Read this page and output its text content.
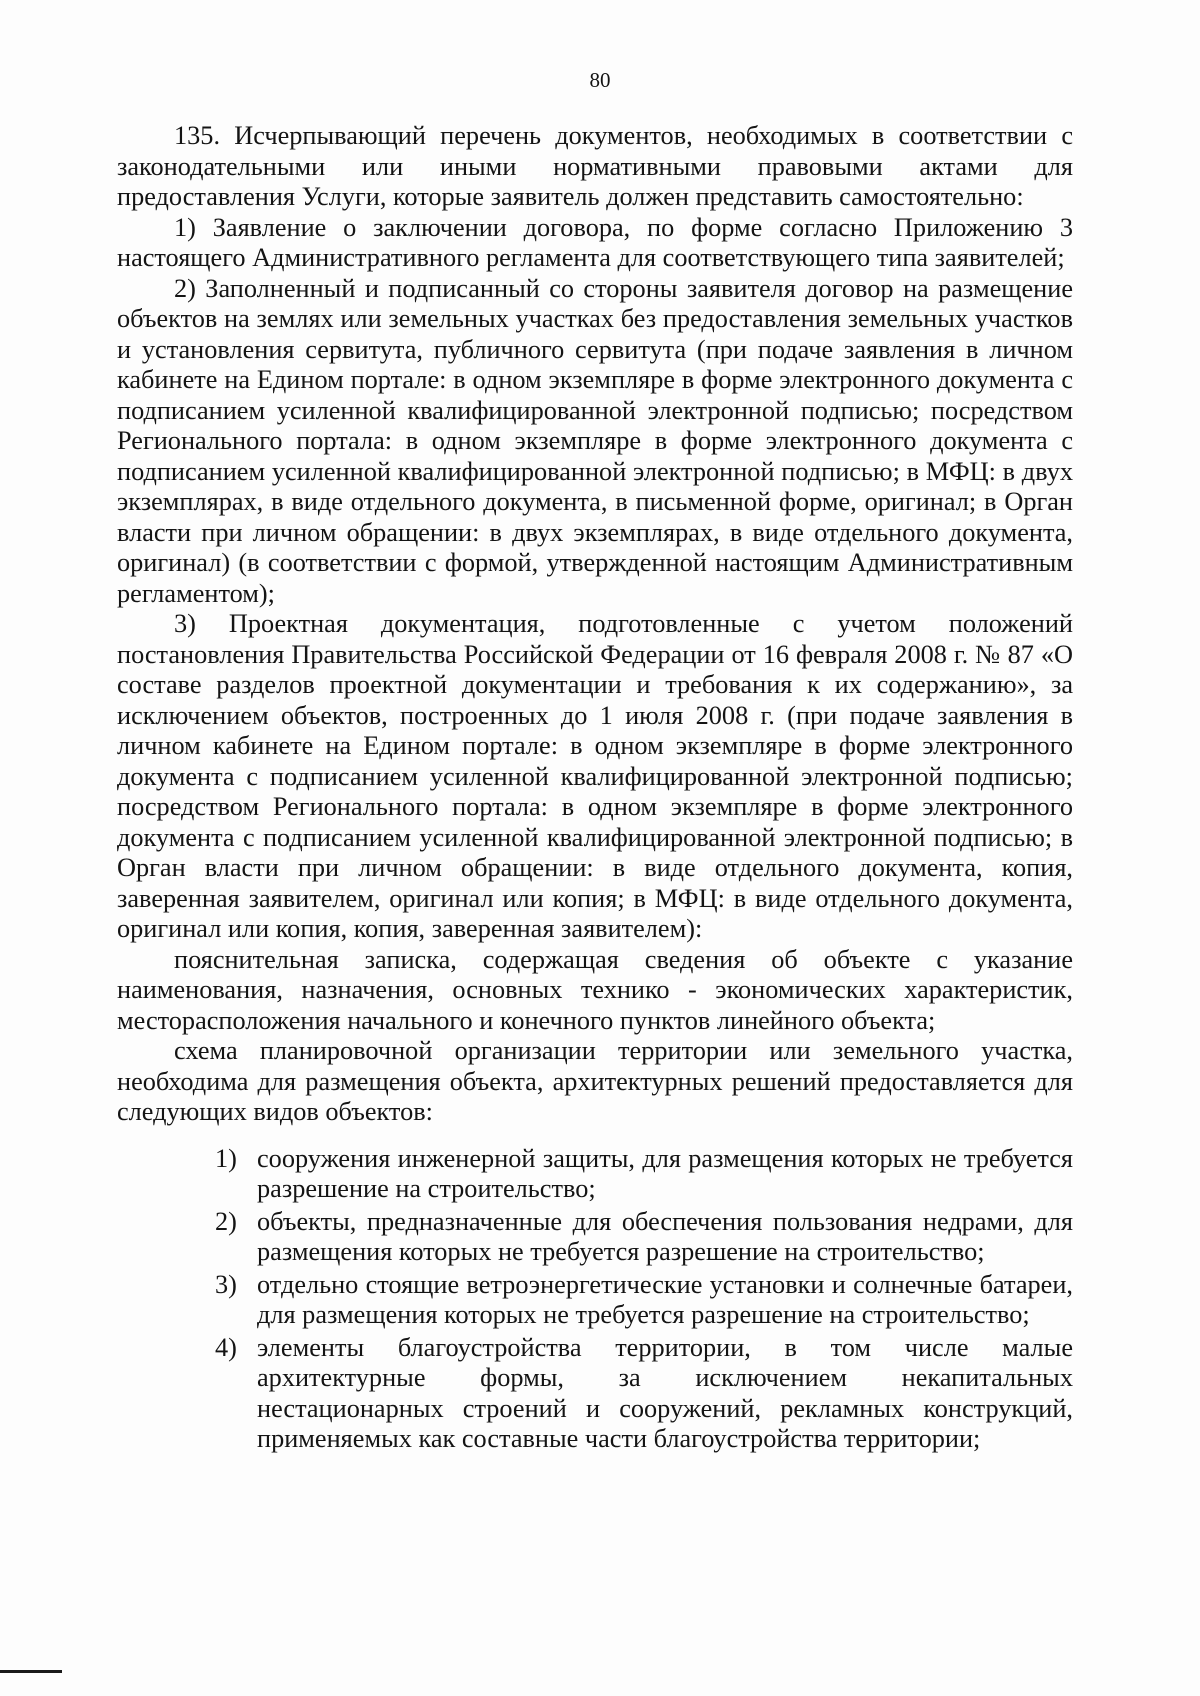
80

135. Исчерпывающий перечень документов, необходимых в соответствии с законодательными или иными нормативными правовыми актами для предоставления Услуги, которые заявитель должен представить самостоятельно:

1) Заявление о заключении договора, по форме согласно Приложению 3 настоящего Административного регламента для соответствующего типа заявителей;

2) Заполненный и подписанный со стороны заявителя договор на размещение объектов на землях или земельных участках без предоставления земельных участков и установления сервитута, публичного сервитута (при подаче заявления в личном кабинете на Едином портале: в одном экземпляре в форме электронного документа с подписанием усиленной квалифицированной электронной подписью; посредством Регионального портала: в одном экземпляре в форме электронного документа с подписанием усиленной квалифицированной электронной подписью; в МФЦ: в двух экземплярах, в виде отдельного документа, в письменной форме, оригинал; в Орган власти при личном обращении: в двух экземплярах, в виде отдельного документа, оригинал) (в соответствии с формой, утвержденной настоящим Административным регламентом);

3) Проектная документация, подготовленные с учетом положений постановления Правительства Российской Федерации от 16 февраля 2008 г. № 87 «О составе разделов проектной документации и требования к их содержанию», за исключением объектов, построенных до 1 июля 2008 г. (при подаче заявления в личном кабинете на Едином портале: в одном экземпляре в форме электронного документа с подписанием усиленной квалифицированной электронной подписью; посредством Регионального портала: в одном экземпляре в форме электронного документа с подписанием усиленной квалифицированной электронной подписью; в Орган власти при личном обращении: в виде отдельного документа, копия, заверенная заявителем, оригинал или копия; в МФЦ: в виде отдельного документа, оригинал или копия, копия, заверенная заявителем):

пояснительная записка, содержащая сведения об объекте с указание наименования, назначения, основных технико - экономических характеристик, месторасположения начального и конечного пунктов линейного объекта;

схема планировочной организации территории или земельного участка, необходима для размещения объекта, архитектурных решений предоставляется для следующих видов объектов:

1) сооружения инженерной защиты, для размещения которых не требуется разрешение на строительство;
2) объекты, предназначенные для обеспечения пользования недрами, для размещения которых не требуется разрешение на строительство;
3) отдельно стоящие ветроэнергетические установки и солнечные батареи, для размещения которых не требуется разрешение на строительство;
4) элементы благоустройства территории, в том числе малые архитектурные формы, за исключением некапитальных нестационарных строений и сооружений, рекламных конструкций, применяемых как составные части благоустройства территории;
